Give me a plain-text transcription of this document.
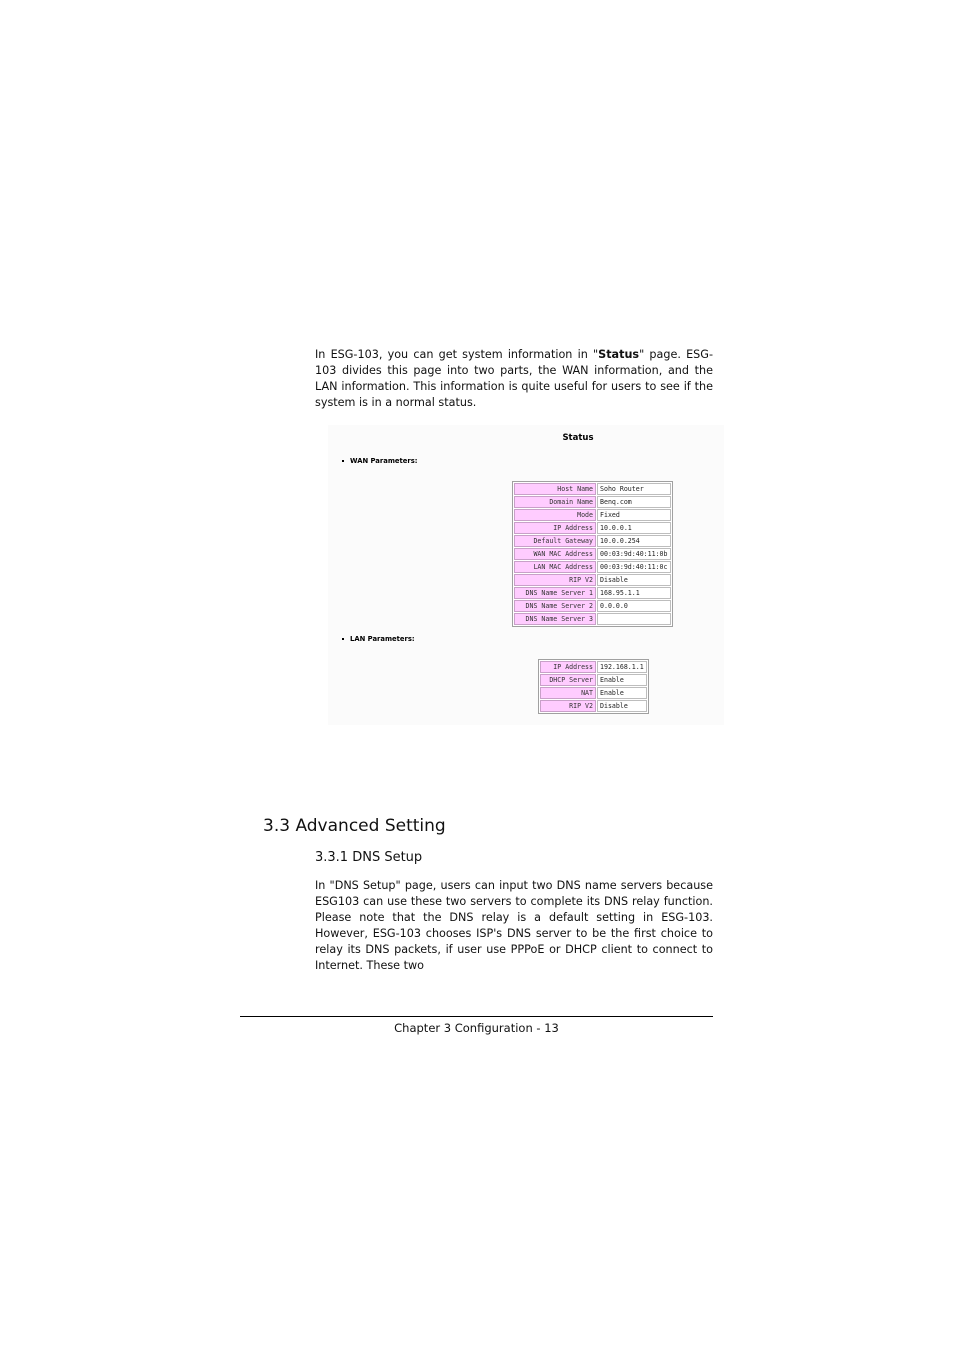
In ESG-103, you can get system information in "Status" page. ESG-103 divides this page into two parts, the WAN information, and the LAN information. This information is quite useful for users to see if the system is in a normal status.

Status
WAN Parameters:
Host Name	Soho Router
Domain Name	Benq.com
Mode	Fixed
IP Address	10.0.0.1
Default Gateway	10.0.0.254
WAN MAC Address	00:03:9d:40:11:0b
LAN MAC Address	00:03:9d:40:11:0c
RIP V2	Disable
DNS Name Server 1	168.95.1.1
DNS Name Server 2	0.0.0.0
DNS Name Server 3	
LAN Parameters:
IP Address	192.168.1.1
DHCP Server	Enable
NAT	Enable
RIP V2	Disable
3.3 Advanced Setting
3.3.1 DNS Setup

In "DNS Setup" page, users can input two DNS name servers because ESG103 can use these two servers to complete its DNS relay function. Please note that the DNS relay is a default setting in ESG-103. However, ESG-103 chooses ISP's DNS server to be the first choice to relay its DNS packets, if user use PPPoE or DHCP client to connect to Internet. These two

Chapter 3 Configuration - 13
